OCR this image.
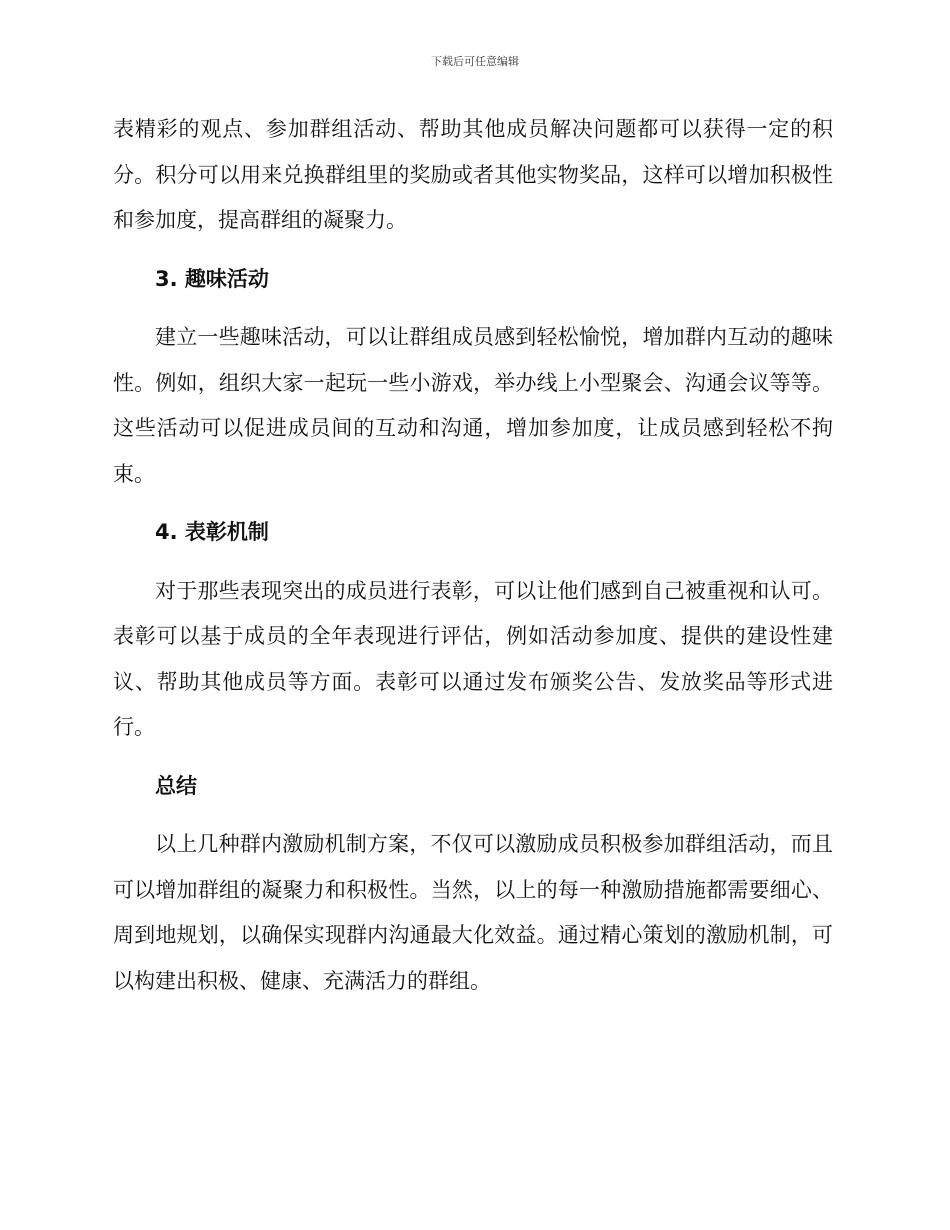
下载后可任意编辑

表精彩的观点、参加群组活动、帮助其他成员解决问题都可以获得一定的积分。积分可以用来兑换群组里的奖励或者其他实物奖品，这样可以增加积极性和参加度，提高群组的凝聚力。

3. 趣味活动

建立一些趣味活动，可以让群组成员感到轻松愉悦，增加群内互动的趣味性。例如，组织大家一起玩一些小游戏，举办线上小型聚会、沟通会议等等。这些活动可以促进成员间的互动和沟通，增加参加度，让成员感到轻松不拘束。

4. 表彰机制

对于那些表现突出的成员进行表彰，可以让他们感到自己被重视和认可。表彰可以基于成员的全年表现进行评估，例如活动参加度、提供的建设性建议、帮助其他成员等方面。表彰可以通过发布颁奖公告、发放奖品等形式进行。

总结

以上几种群内激励机制方案，不仅可以激励成员积极参加群组活动，而且可以增加群组的凝聚力和积极性。当然，以上的每一种激励措施都需要细心、周到地规划，以确保实现群内沟通最大化效益。通过精心策划的激励机制，可以构建出积极、健康、充满活力的群组。
